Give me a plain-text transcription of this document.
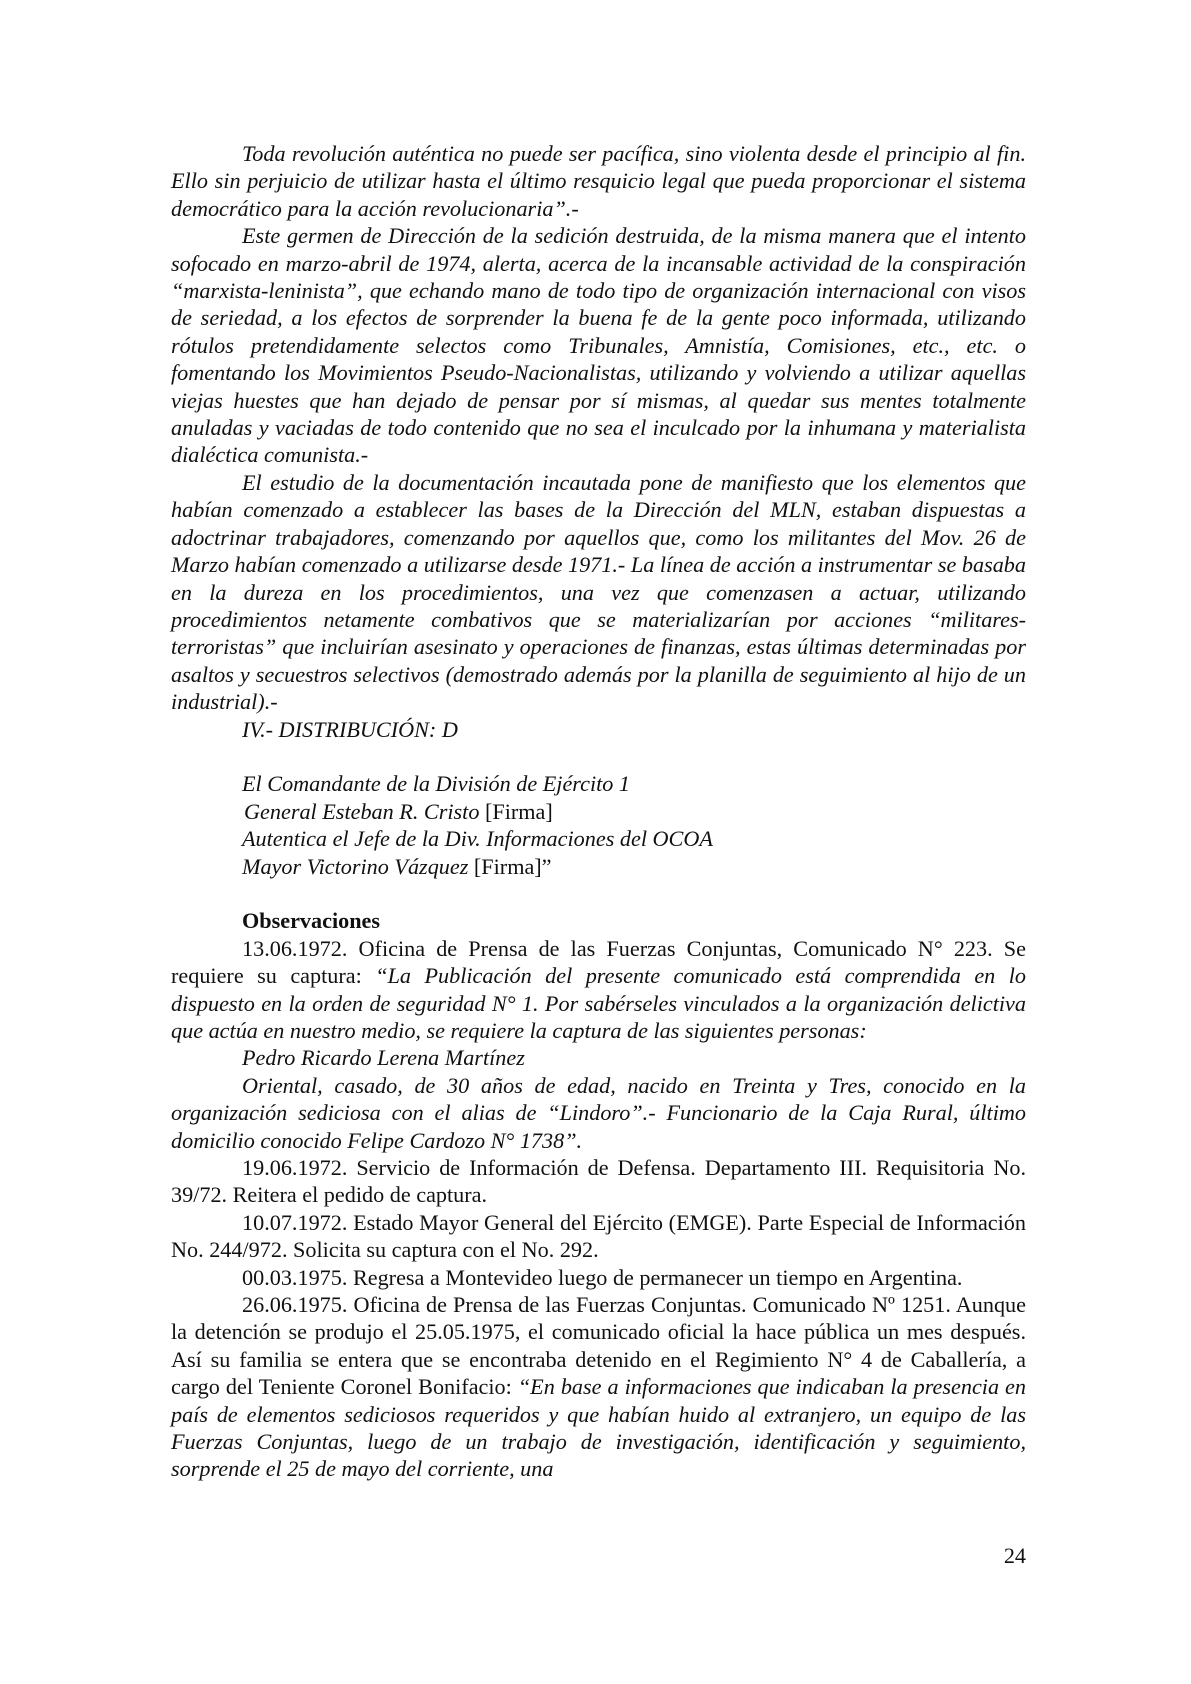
Toda revolución auténtica no puede ser pacífica, sino violenta desde el principio al fin. Ello sin perjuicio de utilizar hasta el último resquicio legal que pueda proporcionar el sistema democrático para la acción revolucionaria”.-

Este germen de Dirección de la sedición destruida, de la misma manera que el intento sofocado en marzo-abril de 1974, alerta, acerca de la incansable actividad de la conspiración “marxista-leninista”, que echando mano de todo tipo de organización internacional con visos de seriedad, a los efectos de sorprender la buena fe de la gente poco informada, utilizando rótulos pretendidamente selectos como Tribunales, Amnistía, Comisiones, etc., etc. o fomentando los Movimientos Pseudo-Nacionalistas, utilizando y volviendo a utilizar aquellas viejas huestes que han dejado de pensar por sí mismas, al quedar sus mentes totalmente anuladas y vaciadas de todo contenido que no sea el inculcado por la inhumana y materialista dialéctica comunista.-

El estudio de la documentación incautada pone de manifiesto que los elementos que habían comenzado a establecer las bases de la Dirección del MLN, estaban dispuestas a adoctrinar trabajadores, comenzando por aquellos que, como los militantes del Mov. 26 de Marzo habían comenzado a utilizarse desde 1971.- La línea de acción a instrumentar se basaba en la dureza en los procedimientos, una vez que comenzasen a actuar, utilizando procedimientos netamente combativos que se materializarían por acciones “militares-terroristas” que incluirían asesinato y operaciones de finanzas, estas últimas determinadas por asaltos y secuestros selectivos (demostrado además por la planilla de seguimiento al hijo de un industrial).-

IV.- DISTRIBUCIÓN: D

El Comandante de la División de Ejército 1

General Esteban R. Cristo [Firma]

Autentica el Jefe de la Div. Informaciones del OCOA

Mayor Victorino Vázquez [Firma]”

Observaciones

13.06.1972. Oficina de Prensa de las Fuerzas Conjuntas, Comunicado N° 223. Se requiere su captura: “La Publicación del presente comunicado está comprendida en lo dispuesto en la orden de seguridad N° 1. Por sabérseles vinculados a la organización delictiva que actúa en nuestro medio, se requiere la captura de las siguientes personas:

Pedro Ricardo Lerena Martínez

Oriental, casado, de 30 años de edad, nacido en Treinta y Tres, conocido en la organización sediciosa con el alias de “Lindoro”.- Funcionario de la Caja Rural, último domicilio conocido Felipe Cardozo N° 1738”.

19.06.1972. Servicio de Información de Defensa. Departamento III. Requisitoria No. 39/72. Reitera el pedido de captura.

10.07.1972. Estado Mayor General del Ejército (EMGE). Parte Especial de Información No. 244/972. Solicita su captura con el No. 292.

00.03.1975. Regresa a Montevideo luego de permanecer un tiempo en Argentina.

26.06.1975. Oficina de Prensa de las Fuerzas Conjuntas. Comunicado Nº 1251. Aunque la detención se produjo el 25.05.1975, el comunicado oficial la hace pública un mes después. Así su familia se entera que se encontraba detenido en el Regimiento N° 4 de Caballería, a cargo del Teniente Coronel Bonifacio: “En base a informaciones que indicaban la presencia en país de elementos sediciosos requeridos y que habían huido al extranjero, un equipo de las Fuerzas Conjuntas, luego de un trabajo de investigación, identificación y seguimiento, sorprende el 25 de mayo del corriente, una

24
